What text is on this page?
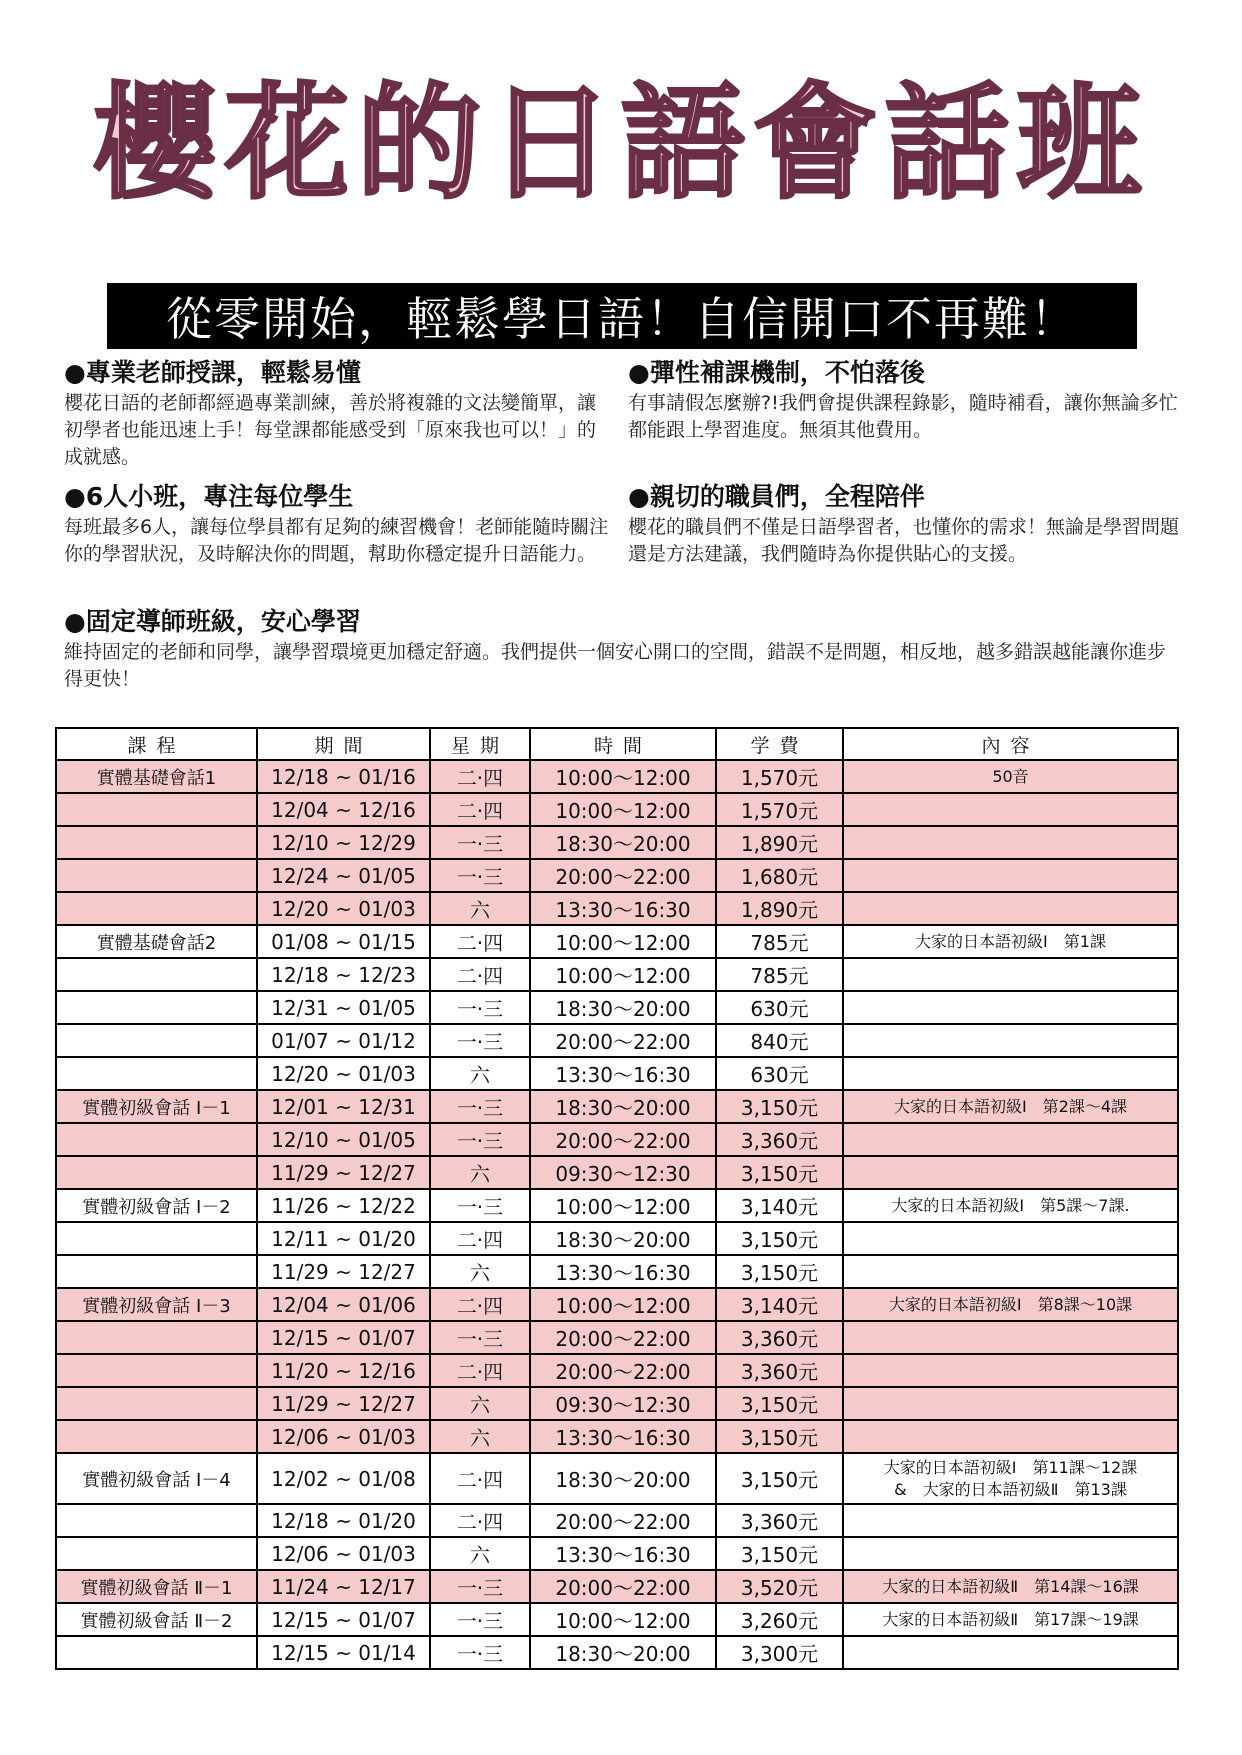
櫻花的日語會話班
從零開始，輕鬆學日語！自信開口不再難！
●專業老師授課，輕鬆易懂
櫻花日語的老師都經過專業訓練，善於將複雜的文法變簡單，讓初學者也能迅速上手！每堂課都能感受到「原來我也可以！」的成就感。
●彈性補課機制，不怕落後
有事請假怎麼辦?!我們會提供課程錄影，隨時補看，讓你無論多忙都能跟上學習進度。無須其他費用。
●6人小班，專注每位學生
每班最多6人，讓每位學員都有足夠的練習機會！老師能隨時關注你的學習狀況，及時解決你的問題，幫助你穩定提升日語能力。
●親切的職員們，全程陪伴
櫻花的職員們不僅是日語學習者，也懂你的需求！無論是學習問題還是方法建議，我們隨時為你提供貼心的支援。
●固定導師班級，安心學習
維持固定的老師和同學，讓學習環境更加穩定舒適。我們提供一個安心開口的空間，錯誤不是問題，相反地，越多錯誤越能讓你進步得更快！
課程	期間	星期	時間	学費	內容
實體基礎會話1	12/18 ~ 01/16	二·四	10:00～12:00	1,570元	50音
	12/04 ~ 12/16	二·四	10:00～12:00	1,570元	
	12/10 ~ 12/29	一·三	18:30～20:00	1,890元	
	12/24 ~ 01/05	一·三	20:00～22:00	1,680元	
	12/20 ~ 01/03	六	13:30～16:30	1,890元	
實體基礎會話2	01/08 ~ 01/15	二·四	10:00～12:00	785元	大家的日本語初級Ⅰ　第1課
	12/18 ~ 12/23	二·四	10:00～12:00	785元	
	12/31 ~ 01/05	一·三	18:30～20:00	630元	
	01/07 ~ 01/12	一·三	20:00～22:00	840元	
	12/20 ~ 01/03	六	13:30～16:30	630元	
實體初級會話 Ⅰ－1	12/01 ~ 12/31	一·三	18:30～20:00	3,150元	大家的日本語初級Ⅰ　第2課～4課
	12/10 ~ 01/05	一·三	20:00～22:00	3,360元	
	11/29 ~ 12/27	六	09:30～12:30	3,150元	
實體初級會話 Ⅰ－2	11/26 ~ 12/22	一·三	10:00～12:00	3,140元	大家的日本語初級Ⅰ　第5課～7課.
	12/11 ~ 01/20	二·四	18:30～20:00	3,150元	
	11/29 ~ 12/27	六	13:30～16:30	3,150元	
實體初級會話 Ⅰ－3	12/04 ~ 01/06	二·四	10:00～12:00	3,140元	大家的日本語初級Ⅰ　第8課～10課
	12/15 ~ 01/07	一·三	20:00～22:00	3,360元	
	11/20 ~ 12/16	二·四	20:00～22:00	3,360元	
	11/29 ~ 12/27	六	09:30～12:30	3,150元	
	12/06 ~ 01/03	六	13:30～16:30	3,150元	
實體初級會話 Ⅰ－4	12/02 ~ 01/08	二·四	18:30～20:00	3,150元	大家的日本語初級Ⅰ　第11課～12課
&　大家的日本語初級Ⅱ　第13課
	12/18 ~ 01/20	二·四	20:00～22:00	3,360元	
	12/06 ~ 01/03	六	13:30～16:30	3,150元	
實體初級會話 Ⅱ－1	11/24 ~ 12/17	一·三	20:00～22:00	3,520元	大家的日本語初級Ⅱ　第14課～16課
實體初級會話 Ⅱ－2	12/15 ~ 01/07	一·三	10:00～12:00	3,260元	大家的日本語初級Ⅱ　第17課～19課
	12/15 ~ 01/14	一·三	18:30～20:00	3,300元	
